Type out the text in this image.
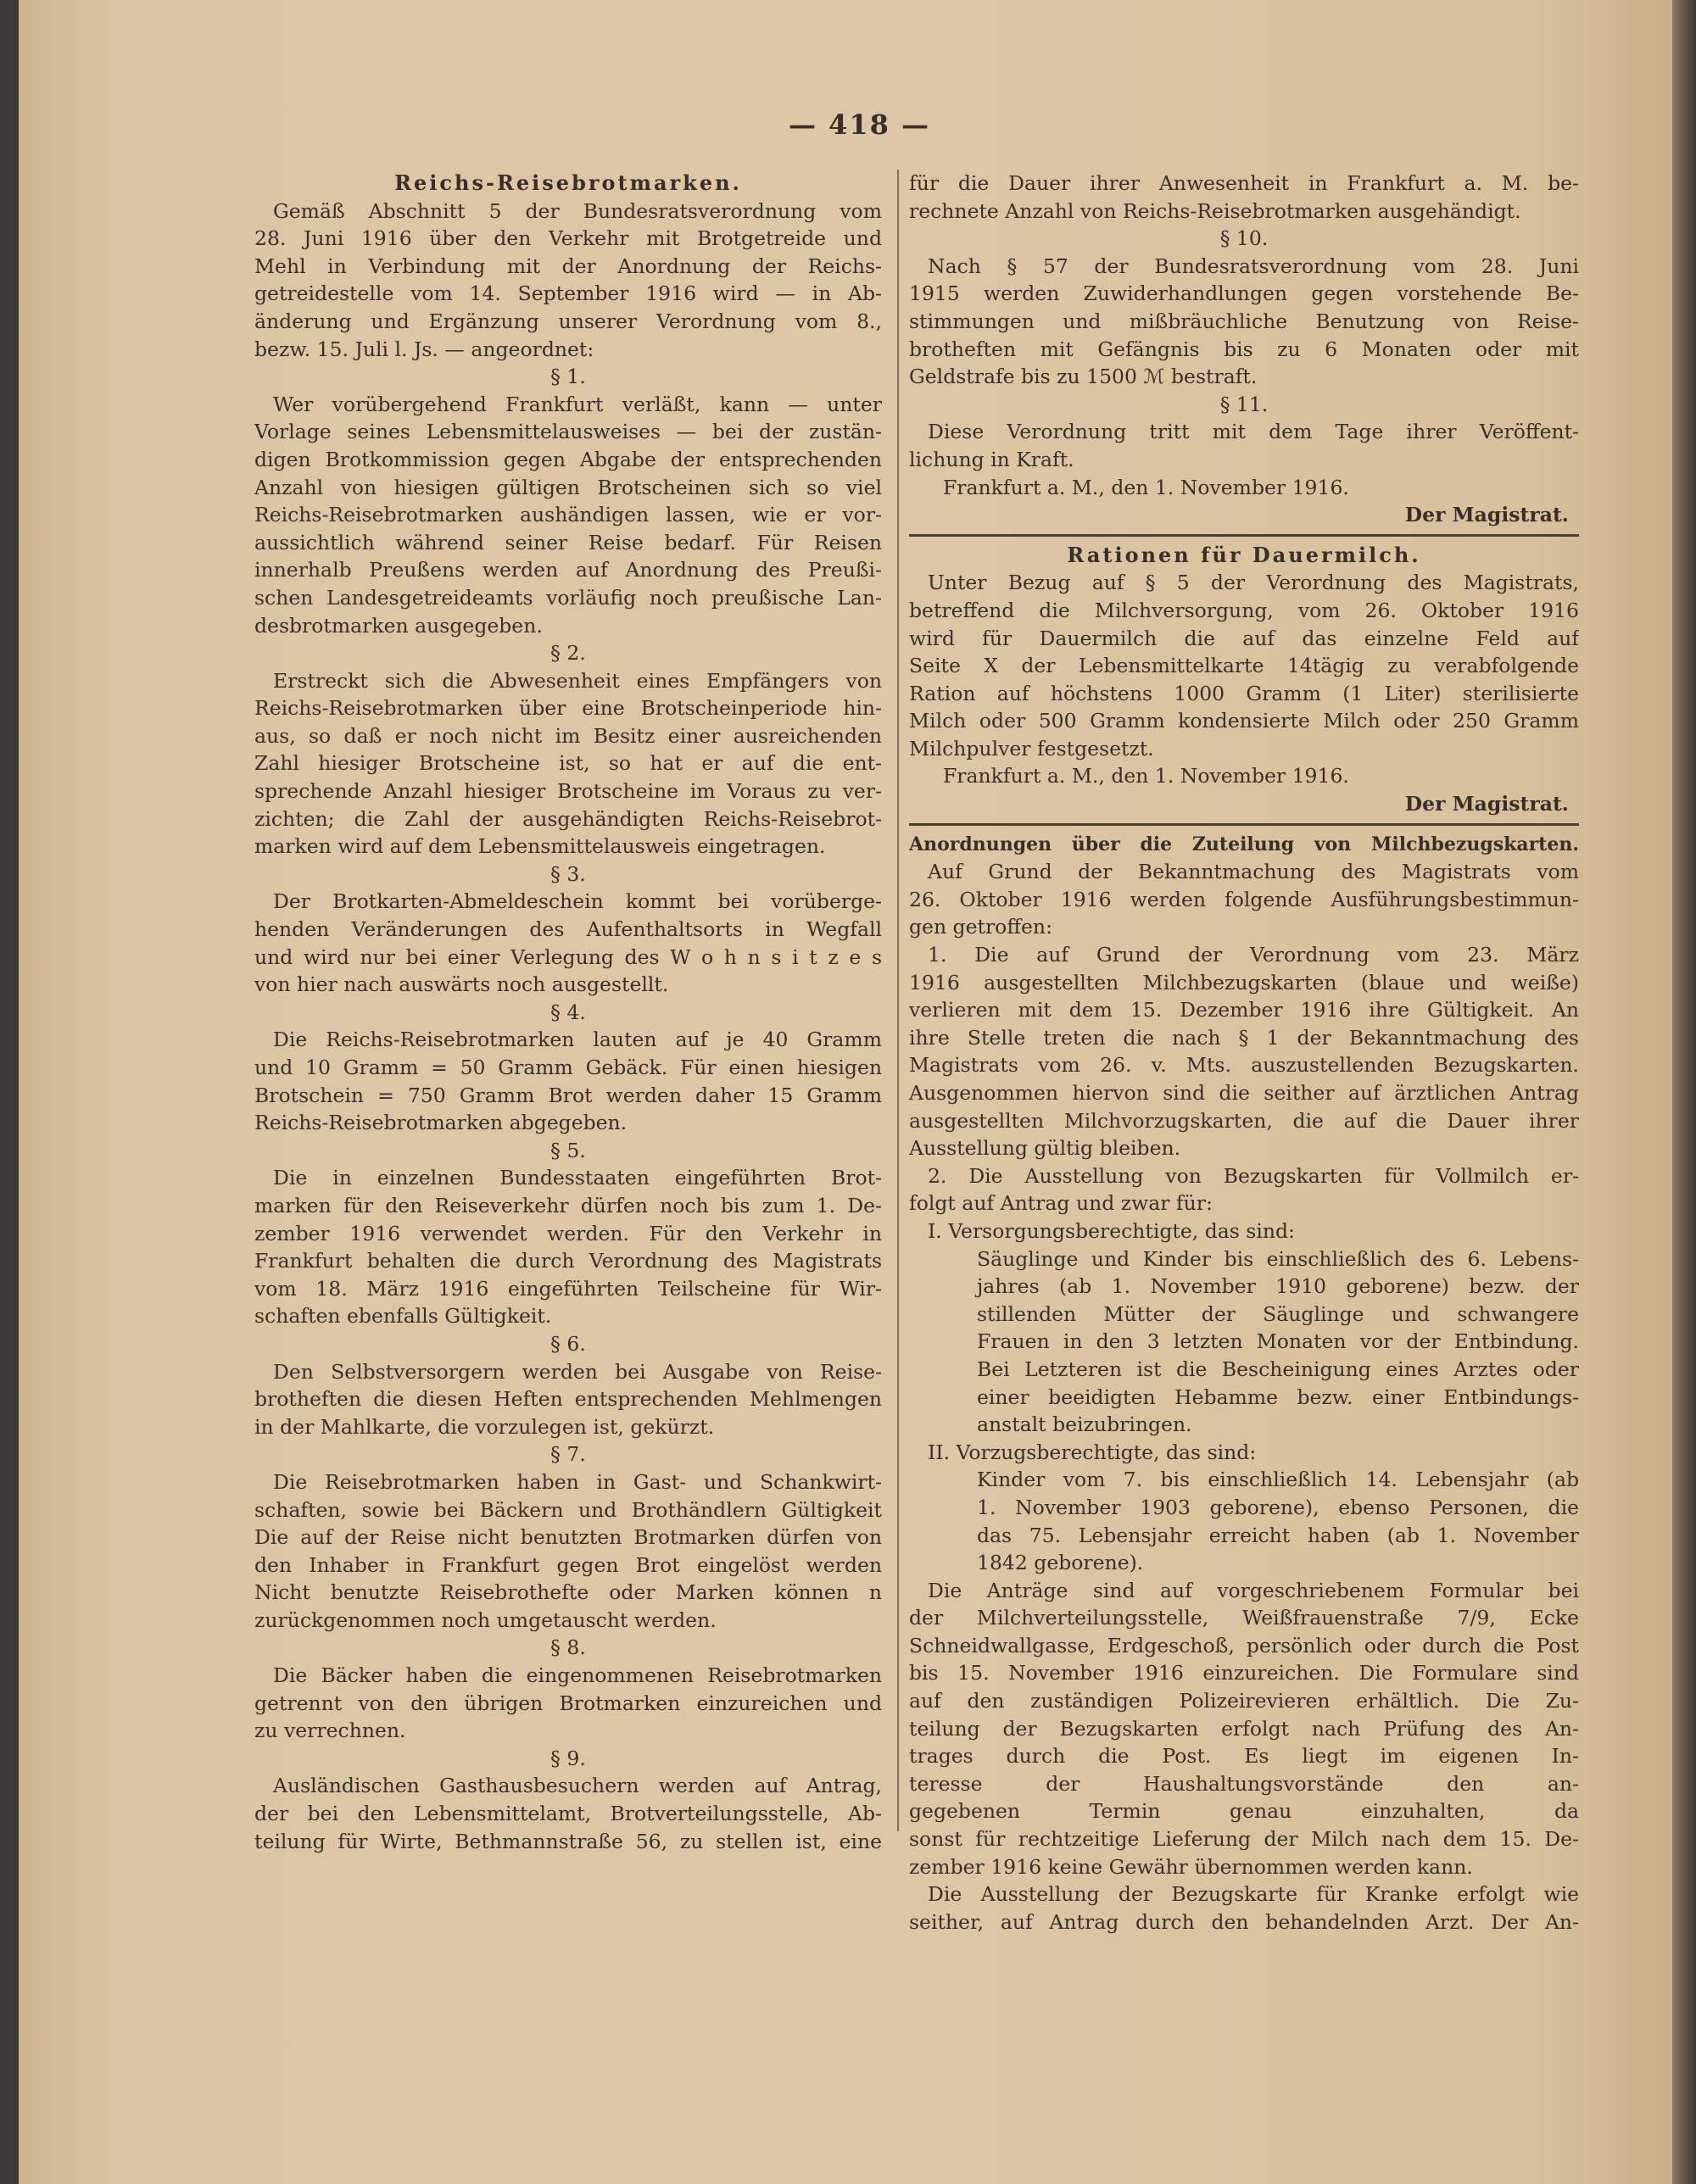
— 418 —
Reichs-Reisebrotmarken.
Gemäß Abschnitt 5 der Bundesratsverordnung vom
28. Juni 1916 über den Verkehr mit Brotgetreide und
Mehl in Verbindung mit der Anordnung der Reichs-
getreidestelle vom 14. September 1916 wird — in Ab-
änderung und Ergänzung unserer Verordnung vom 8.,
bezw. 15. Juli l. Js. — angeordnet:
§ 1.
Wer vorübergehend Frankfurt verläßt, kann — unter
Vorlage seines Lebensmittelausweises — bei der zustän-
digen Brotkommission gegen Abgabe der entsprechenden
Anzahl von hiesigen gültigen Brotscheinen sich so viel
Reichs-Reisebrotmarken aushändigen lassen, wie er vor-
aussichtlich während seiner Reise bedarf. Für Reisen
innerhalb Preußens werden auf Anordnung des Preußi-
schen Landesgetreideamts vorläufig noch preußische Lan-
desbrotmarken ausgegeben.
§ 2.
Erstreckt sich die Abwesenheit eines Empfängers von
Reichs-Reisebrotmarken über eine Brotscheinperiode hin-
aus, so daß er noch nicht im Besitz einer ausreichenden
Zahl hiesiger Brotscheine ist, so hat er auf die ent-
sprechende Anzahl hiesiger Brotscheine im Voraus zu ver-
zichten; die Zahl der ausgehändigten Reichs-Reisebrot-
marken wird auf dem Lebensmittelausweis eingetragen.
§ 3.
Der Brotkarten-Abmeldeschein kommt bei vorüberge-
henden Veränderungen des Aufenthaltsorts in Wegfall
und wird nur bei einer Verlegung des W o h n s i t z e s
von hier nach auswärts noch ausgestellt.
§ 4.
Die Reichs-Reisebrotmarken lauten auf je 40 Gramm
und 10 Gramm = 50 Gramm Gebäck. Für einen hiesigen
Brotschein = 750 Gramm Brot werden daher 15 Gramm
Reichs-Reisebrotmarken abgegeben.
§ 5.
Die in einzelnen Bundesstaaten eingeführten Brot-
marken für den Reiseverkehr dürfen noch bis zum 1. De-
zember 1916 verwendet werden. Für den Verkehr in
Frankfurt behalten die durch Verordnung des Magistrats
vom 18. März 1916 eingeführten Teilscheine für Wir-
schaften ebenfalls Gültigkeit.
§ 6.
Den Selbstversorgern werden bei Ausgabe von Reise-
brotheften die diesen Heften entsprechenden Mehlmengen
in der Mahlkarte, die vorzulegen ist, gekürzt.
§ 7.
Die Reisebrotmarken haben in Gast- und Schankwirt-
schaften, sowie bei Bäckern und Brothändlern Gültigkeit
Die auf der Reise nicht benutzten Brotmarken dürfen von
den Inhaber in Frankfurt gegen Brot eingelöst werden
Nicht benutzte Reisebrothefte oder Marken können n
zurückgenommen noch umgetauscht werden.
§ 8.
Die Bäcker haben die eingenommenen Reisebrotmarken
getrennt von den übrigen Brotmarken einzureichen und
zu verrechnen.
§ 9.
Ausländischen Gasthausbesuchern werden auf Antrag,
der bei den Lebensmittelamt, Brotverteilungsstelle, Ab-
teilung für Wirte, Bethmannstraße 56, zu stellen ist, eine
für die Dauer ihrer Anwesenheit in Frankfurt a. M. be-
rechnete Anzahl von Reichs-Reisebrotmarken ausgehändigt.
§ 10.
Nach § 57 der Bundesratsverordnung vom 28. Juni
1915 werden Zuwiderhandlungen gegen vorstehende Be-
stimmungen und mißbräuchliche Benutzung von Reise-
brotheften mit Gefängnis bis zu 6 Monaten oder mit
Geldstrafe bis zu 1500 ℳ bestraft.
§ 11.
Diese Verordnung tritt mit dem Tage ihrer Veröffent-
lichung in Kraft.
Frankfurt a. M., den 1. November 1916.
Der Magistrat.
Rationen für Dauermilch.
Unter Bezug auf § 5 der Verordnung des Magistrats,
betreffend die Milchversorgung, vom 26. Oktober 1916
wird für Dauermilch die auf das einzelne Feld auf
Seite X der Lebensmittelkarte 14tägig zu verabfolgende
Ration auf höchstens 1000 Gramm (1 Liter) sterilisierte
Milch oder 500 Gramm kondensierte Milch oder 250 Gramm
Milchpulver festgesetzt.
Frankfurt a. M., den 1. November 1916.
Der Magistrat.
Anordnungen über die Zuteilung von Milchbezugskarten.
Auf Grund der Bekanntmachung des Magistrats vom
26. Oktober 1916 werden folgende Ausführungsbestimmun-
gen getroffen:
1. Die auf Grund der Verordnung vom 23. März
1916 ausgestellten Milchbezugskarten (blaue und weiße)
verlieren mit dem 15. Dezember 1916 ihre Gültigkeit. An
ihre Stelle treten die nach § 1 der Bekanntmachung des
Magistrats vom 26. v. Mts. auszustellenden Bezugskarten.
Ausgenommen hiervon sind die seither auf ärztlichen Antrag
ausgestellten Milchvorzugskarten, die auf die Dauer ihrer
Ausstellung gültig bleiben.
2. Die Ausstellung von Bezugskarten für Vollmilch er-
folgt auf Antrag und zwar für:
I. Versorgungsberechtigte, das sind:
Säuglinge und Kinder bis einschließlich des 6. Lebens-
jahres (ab 1. November 1910 geborene) bezw. der
stillenden Mütter der Säuglinge und schwangere
Frauen in den 3 letzten Monaten vor der Entbindung.
Bei Letzteren ist die Bescheinigung eines Arztes oder
einer beeidigten Hebamme bezw. einer Entbindungs-
anstalt beizubringen.
II. Vorzugsberechtigte, das sind:
Kinder vom 7. bis einschließlich 14. Lebensjahr (ab
1. November 1903 geborene), ebenso Personen, die
das 75. Lebensjahr erreicht haben (ab 1. November
1842 geborene).
Die Anträge sind auf vorgeschriebenem Formular bei
der Milchverteilungsstelle, Weißfrauenstraße 7/9, Ecke
Schneidwallgasse, Erdgeschoß, persönlich oder durch die Post
bis 15. November 1916 einzureichen. Die Formulare sind
auf den zuständigen Polizeirevieren erhältlich. Die Zu-
teilung der Bezugskarten erfolgt nach Prüfung des An-
trages durch die Post. Es liegt im eigenen In-
teresse der Haushaltungsvorstände den an-
gegebenen Termin genau einzuhalten, da
sonst für rechtzeitige Lieferung der Milch nach dem 15. De-
zember 1916 keine Gewähr übernommen werden kann.
Die Ausstellung der Bezugskarte für Kranke erfolgt wie
seither, auf Antrag durch den behandelnden Arzt. Der An-
